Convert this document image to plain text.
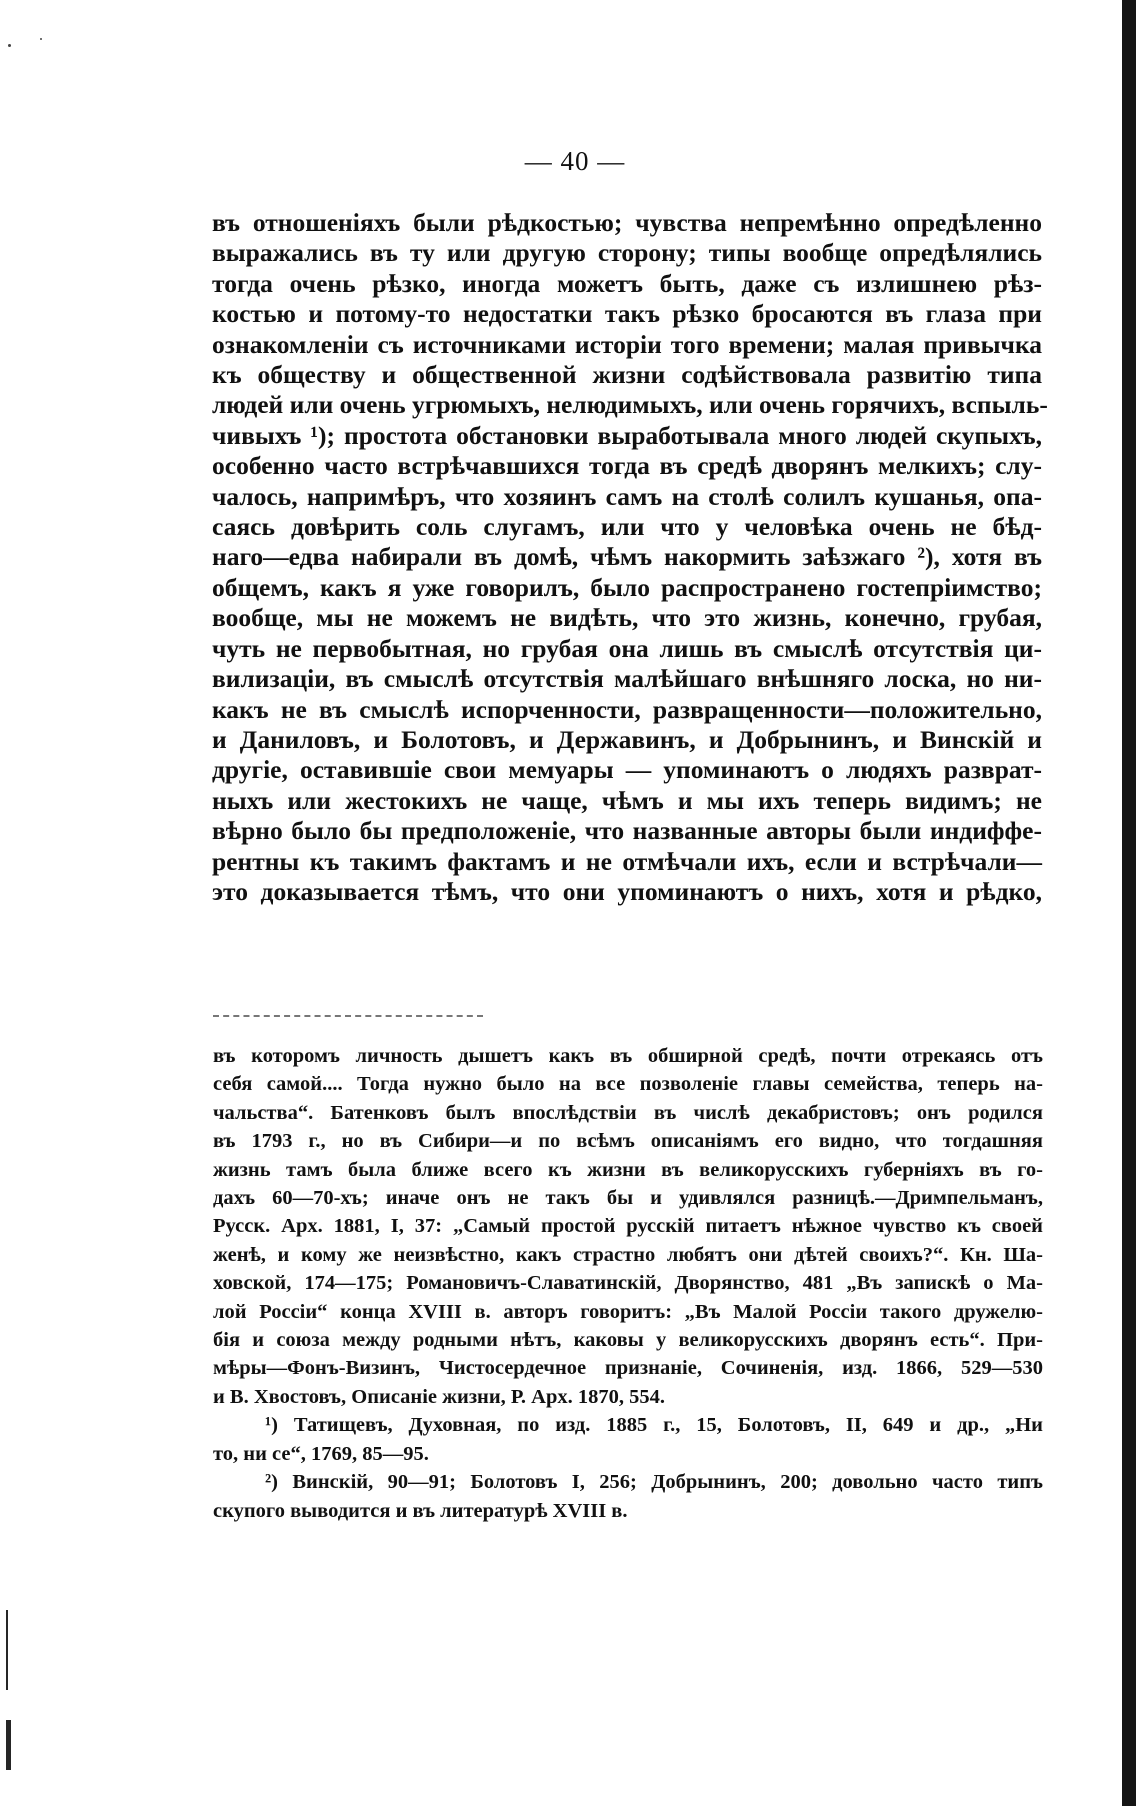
— 40 —
въ отношеніяхъ были рѣдкостью; чувства непремѣнно опредѣленно
выражались въ ту или другую сторону; типы вообще опредѣлялись
тогда очень рѣзко, иногда можетъ быть, даже съ излишнею рѣз-
костью и потому-то недостатки такъ рѣзко бросаются въ глаза при
ознакомленіи съ источниками исторіи того времени; малая привычка
къ обществу и общественной жизни содѣйствовала развитію типа
людей или очень угрюмыхъ, нелюдимыхъ, или очень горячихъ, вспыль-
чивыхъ ¹); простота обстановки выработывала много людей скупыхъ,
особенно часто встрѣчавшихся тогда въ средѣ дворянъ мелкихъ; слу-
чалось, напримѣръ, что хозяинъ самъ на столѣ солилъ кушанья, опа-
саясь довѣрить соль слугамъ, или что у человѣка очень не бѣд-
наго—едва набирали въ домѣ, чѣмъ накормить заѣзжаго ²), хотя въ
общемъ, какъ я уже говорилъ, было распространено гостепріимство;
вообще, мы не можемъ не видѣть, что это жизнь, конечно, грубая,
чуть не первобытная, но грубая она лишь въ смыслѣ отсутствія ци-
вилизаціи, въ смыслѣ отсутствія малѣйшаго внѣшняго лоска, но ни-
какъ не въ смыслѣ испорченности, развращенности—положительно,
и Даниловъ, и Болотовъ, и Державинъ, и Добрынинъ, и Винскій и
другіе, оставившіе свои мемуары — упоминаютъ о людяхъ разврат-
ныхъ или жестокихъ не чаще, чѣмъ и мы ихъ теперь видимъ; не
вѣрно было бы предположеніе, что названные авторы были индиффе-
рентны къ такимъ фактамъ и не отмѣчали ихъ, если и встрѣчали—
это доказывается тѣмъ, что они упоминаютъ о нихъ, хотя и рѣдко,
въ которомъ личность дышетъ какъ въ обширной средѣ, почти отрекаясь отъ
себя самой.... Тогда нужно было на все позволеніе главы семейства, теперь на-
чальства“. Батенковъ былъ впослѣдствіи въ числѣ декабристовъ; онъ родился
въ 1793 г., но въ Сибири—и по всѣмъ описаніямъ его видно, что тогдашняя
жизнь тамъ была ближе всего къ жизни въ великорусскихъ губерніяхъ въ го-
дахъ 60—70-хъ; иначе онъ не такъ бы и удивлялся разницѣ.—Дримпельманъ,
Русск. Арх. 1881, I, 37: „Самый простой русскій питаетъ нѣжное чувство къ своей
женѣ, и кому же неизвѣстно, какъ страстно любятъ они дѣтей своихъ?“. Кн. Ша-
ховской, 174—175; Романовичъ-Славатинскій, Дворянство, 481 „Въ запискѣ о Ма-
лой Россіи“ конца XVIII в. авторъ говоритъ: „Въ Малой Россіи такого дружелю-
бія и союза между родными нѣтъ, каковы у великорусскихъ дворянъ есть“. При-
мѣры—Фонъ-Визинъ, Чистосердечное признаніе, Сочиненія, изд. 1866, 529—530
и В. Хвостовъ, Описаніе жизни, Р. Арх. 1870, 554.
¹) Татищевъ, Духовная, по изд. 1885 г., 15, Болотовъ, II, 649 и др., „Ни
то, ни се“, 1769, 85—95.
²) Винскій, 90—91; Болотовъ I, 256; Добрынинъ, 200; довольно часто типъ
скупого выводится и въ литературѣ XVIII в.
